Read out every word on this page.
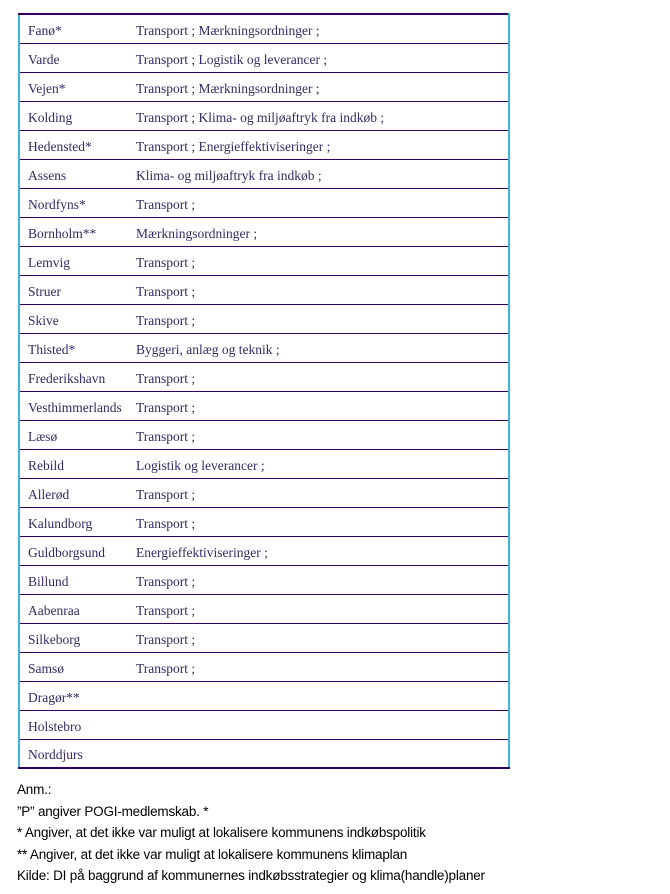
Fanø*	Transport ; Mærkningsordninger ;
Varde	Transport ; Logistik og leverancer ;
Vejen*	Transport ; Mærkningsordninger ;
Kolding	Transport ; Klima- og miljøaftryk fra indkøb ;
Hedensted*	Transport ; Energieffektiviseringer ;
Assens	Klima- og miljøaftryk fra indkøb ;
Nordfyns*	Transport ;
Bornholm**	Mærkningsordninger ;
Lemvig	Transport ;
Struer	Transport ;
Skive	Transport ;
Thisted*	Byggeri, anlæg og teknik ;
Frederikshavn	Transport ;
Vesthimmerlands	Transport ;
Læsø	Transport ;
Rebild	Logistik og leverancer ;
Allerød	Transport ;
Kalundborg	Transport ;
Guldborgsund	Energieffektiviseringer ;
Billund	Transport ;
Aabenraa	Transport ;
Silkeborg	Transport ;
Samsø	Transport ;
Dragør**	
Holstebro	
Norddjurs	
Anm.:
”P” angiver POGI-medlemskab. *
* Angiver, at det ikke var muligt at lokalisere kommunens indkøbspolitik
** Angiver, at det ikke var muligt at lokalisere kommunens klimaplan
Kilde: DI på baggrund af kommunernes indkøbsstrategier og klima(handle)planer
